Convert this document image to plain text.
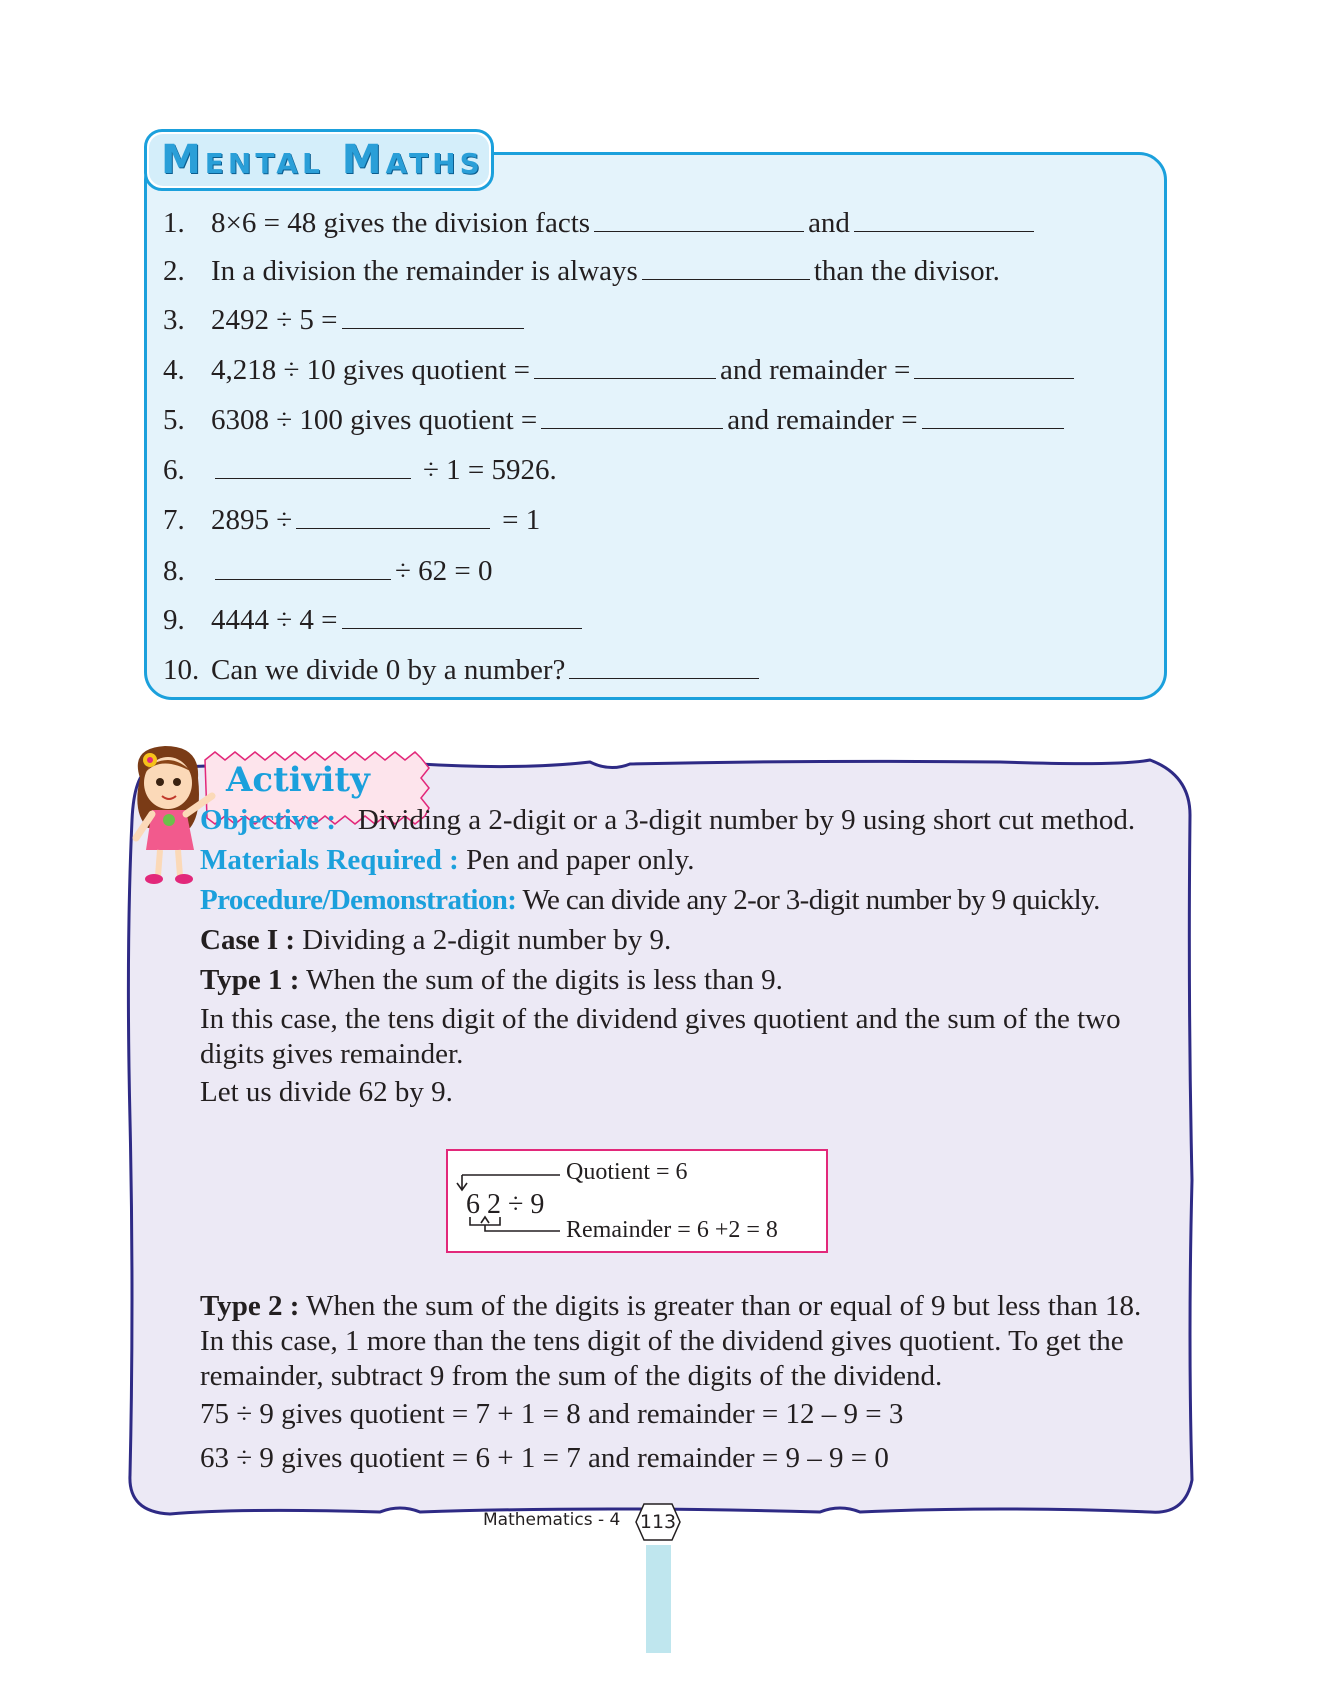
Mental Maths
1. 8×6 = 48 gives the division facts	and
2. In a division the remainder is always	than the divisor.
3. 2492 ÷ 5 =
4. 4,218 ÷ 10 gives quotient =	and remainder =
5. 6308 ÷ 100 gives quotient =	and remainder =
6.	÷ 1 = 5926.
7. 2895 ÷	= 1
8.	÷ 62 = 0
9. 4444 ÷ 4 =
10. Can we divide 0 by a number?
Activity
Objective : Dividing a 2-digit or a 3-digit number by 9 using short cut method.
Materials Required : Pen and paper only.
Procedure/Demonstration: We can divide any 2-or 3-digit number by 9 quickly.
Case I : Dividing a 2-digit number by 9.
Type 1 : When the sum of the digits is less than 9.
In this case, the tens digit of the dividend gives quotient and the sum of the two digits gives remainder.
Let us divide 62 by 9.
Quotient = 6
6 2 ÷ 9
Remainder = 6 +2 = 8
Type 2 : When the sum of the digits is greater than or equal of 9 but less than 18.
In this case, 1 more than the tens digit of the dividend gives quotient. To get the remainder, subtract 9 from the sum of the digits of the dividend.
75 ÷ 9 gives quotient = 7 + 1 = 8 and remainder = 12 – 9 = 3
63 ÷ 9 gives quotient = 6 + 1 = 7 and remainder = 9 – 9 = 0
Mathematics - 4	113
